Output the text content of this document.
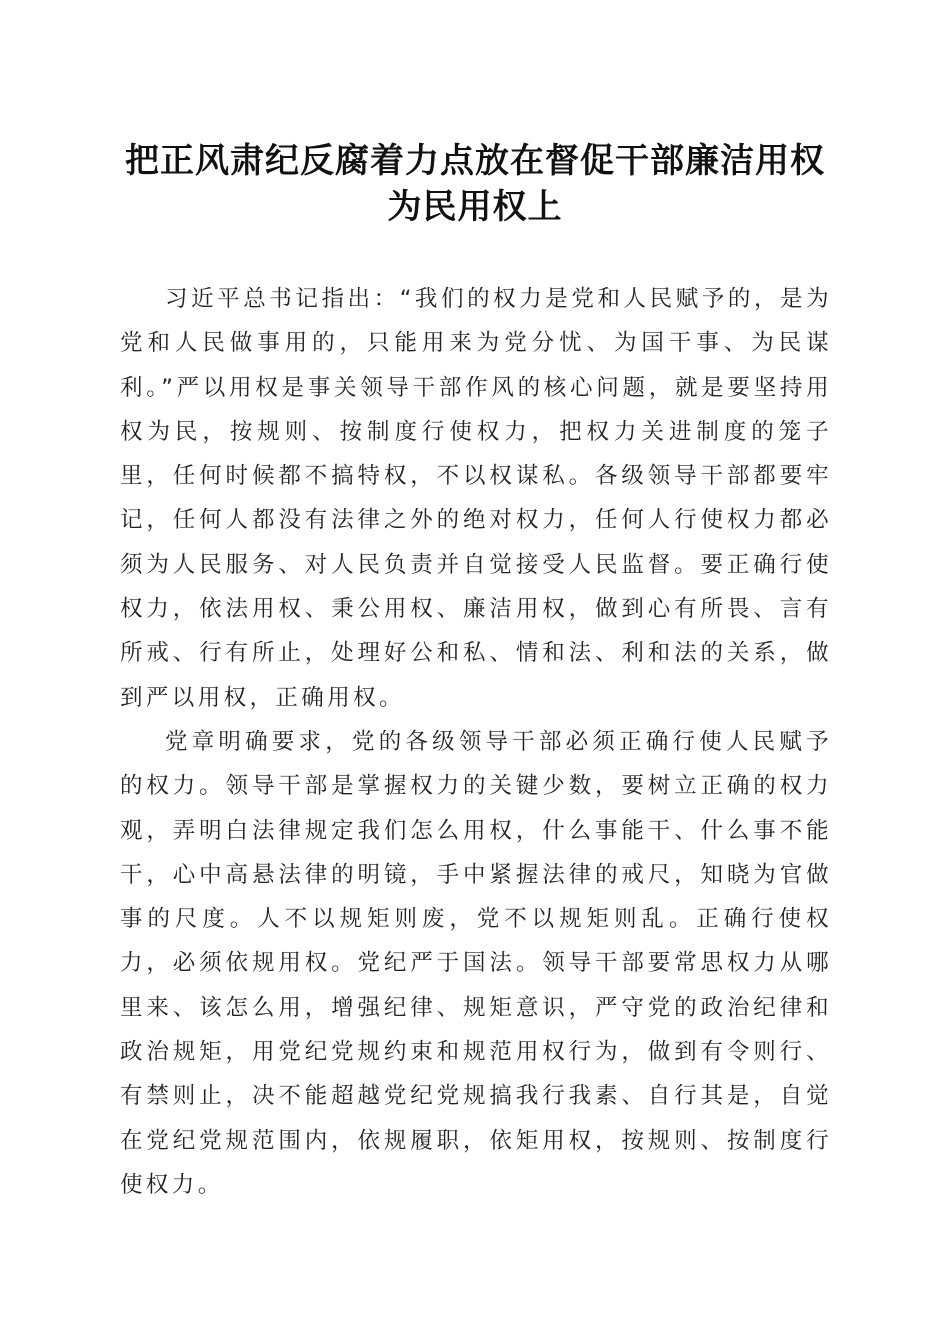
把正风肃纪反腐着力点放在督促干部廉洁用权
为民用权上

习近平总书记指出：“我们的权力是党和人民赋予的，是为党和人民做事用的，只能用来为党分忧、为国干事、为民谋利。”严以用权是事关领导干部作风的核心问题，就是要坚持用权为民，按规则、按制度行使权力，把权力关进制度的笼子里，任何时候都不搞特权，不以权谋私。各级领导干部都要牢记，任何人都没有法律之外的绝对权力，任何人行使权力都必须为人民服务、对人民负责并自觉接受人民监督。要正确行使权力，依法用权、秉公用权、廉洁用权，做到心有所畏、言有所戒、行有所止，处理好公和私、情和法、利和法的关系，做到严以用权，正确用权。

党章明确要求，党的各级领导干部必须正确行使人民赋予的权力。领导干部是掌握权力的关键少数，要树立正确的权力观，弄明白法律规定我们怎么用权，什么事能干、什么事不能干，心中高悬法律的明镜，手中紧握法律的戒尺，知晓为官做事的尺度。人不以规矩则废，党不以规矩则乱。正确行使权力，必须依规用权。党纪严于国法。领导干部要常思权力从哪里来、该怎么用，增强纪律、规矩意识，严守党的政治纪律和政治规矩，用党纪党规约束和规范用权行为，做到有令则行、有禁则止，决不能超越党纪党规搞我行我素、自行其是，自觉在党纪党规范围内，依规履职，依矩用权，按规则、按制度行使权力。
